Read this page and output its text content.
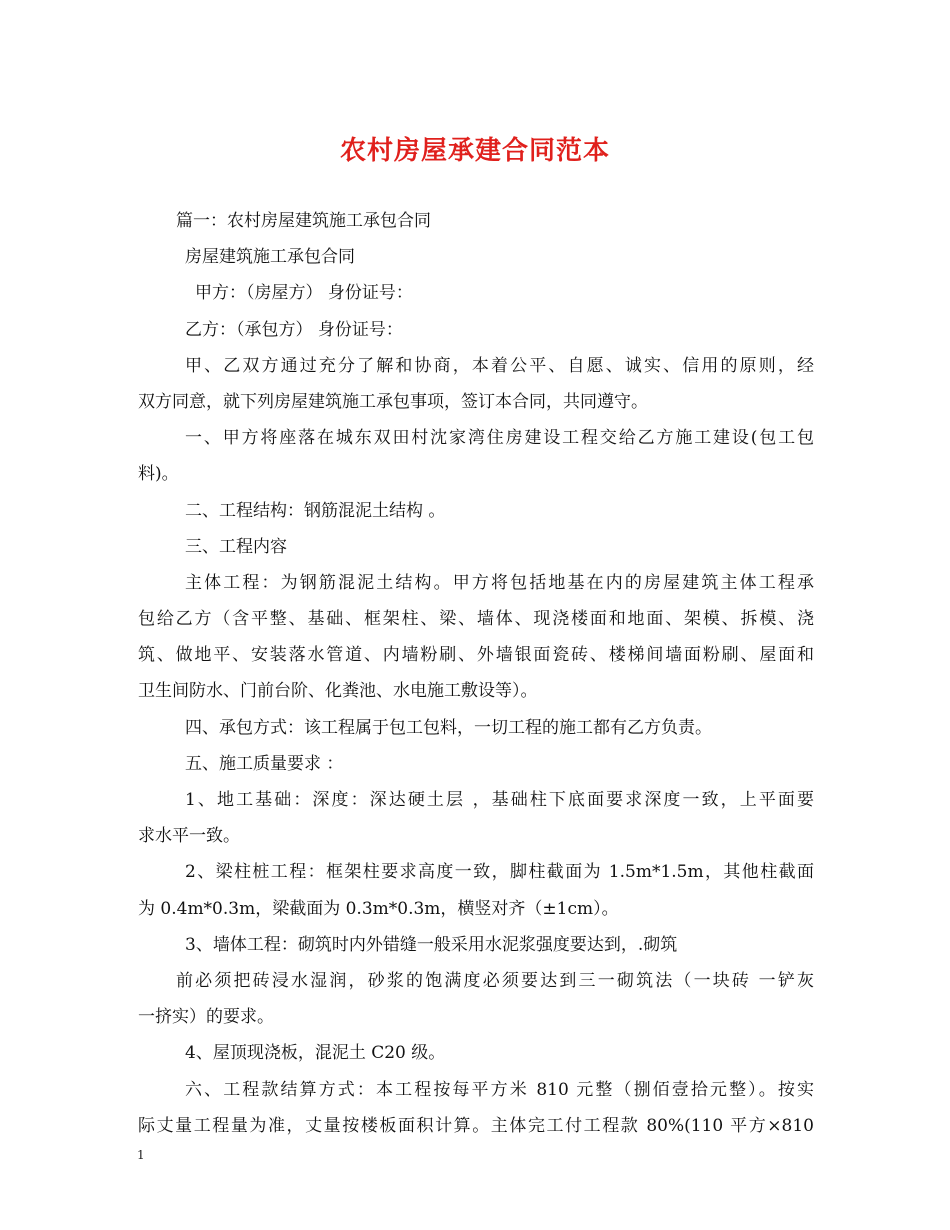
农村房屋承建合同范本
篇一：农村房屋建筑施工承包合同
房屋建筑施工承包合同
甲方：（房屋方） 身份证号：
乙方：（承包方） 身份证号：
甲、乙双方通过充分了解和协商，本着公平、自愿、诚实、信用的原则，经
双方同意，就下列房屋建筑施工承包事项，签订本合同，共同遵守。
一、甲方将座落在城东双田村沈家湾住房建设工程交给乙方施工建设(包工包
料)。
二、工程结构：钢筋混泥土结构 。
三、工程内容
主体工程：为钢筋混泥土结构。甲方将包括地基在内的房屋建筑主体工程承
包给乙方（含平整、基础、框架柱、梁、墙体、现浇楼面和地面、架模、拆模、浇
筑、做地平、安装落水管道、内墙粉刷、外墙银面瓷砖、楼梯间墙面粉刷、屋面和
卫生间防水、门前台阶、化粪池、水电施工敷设等）。
四、承包方式：该工程属于包工包料，一切工程的施工都有乙方负责。
五、施工质量要求 ：
1、地工基础：深度：深达硬土层 ，基础柱下底面要求深度一致，上平面要
求水平一致。
2、梁柱桩工程：框架柱要求高度一致，脚柱截面为 1.5m*1.5m，其他柱截面
为 0.4m*0.3m，梁截面为 0.3m*0.3m，横竖对齐（±1cm）。
3、墙体工程：砌筑时内外错缝一般采用水泥浆强度要达到，.砌筑
前必须把砖浸水湿润，砂浆的饱满度必须要达到三一砌筑法（一块砖 一铲灰
一挤实）的要求。
4、屋顶现浇板，混泥土 C20 级。
六、工程款结算方式：本工程按每平方米 810 元整（捌佰壹拾元整）。按实
际丈量工程量为准，丈量按楼板面积计算。主体完工付工程款 80%(110 平方×810
1
